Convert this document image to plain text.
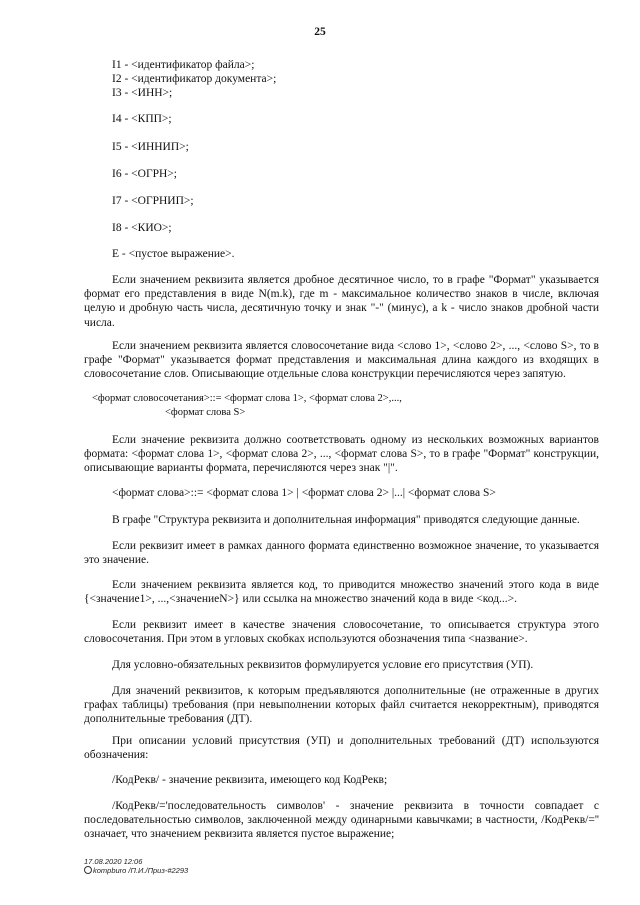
25
I1 - <идентификатор файла>;
I2 - <идентификатор документа>;
I3 - <ИНН>;
I4 - <КПП>;
I5 - <ИННИП>;
I6 - <ОГРН>;
I7 - <ОГРНИП>;
I8 - <КИО>;
E - <пустое выражение>.
Если значением реквизита является дробное десятичное число, то в графе "Формат" указывается формат его представления в виде N(m.k), где m - максимальное количество знаков в числе, включая целую и дробную часть числа, десятичную точку и знак "-" (минус), а k - число знаков дробной части числа.
Если значением реквизита является словосочетание вида <слово 1>, <слово 2>, ..., <слово S>, то в графе "Формат" указывается формат представления и максимальная длина каждого из входящих в словосочетание слов. Описывающие отдельные слова конструкции перечисляются через запятую.
<формат словосочетания>::= <формат слова 1>, <формат слова 2>,...,
<формат слова S>
Если значение реквизита должно соответствовать одному из нескольких возможных вариантов формата: <формат слова 1>, <формат слова 2>, ..., <формат слова S>, то в графе "Формат" конструкции, описывающие варианты формата, перечисляются через знак "|".
<формат слова>::= <формат слова 1> | <формат слова 2> |...| <формат слова S>
В графе "Структура реквизита и дополнительная информация" приводятся следующие данные.
Если реквизит имеет в рамках данного формата единственно возможное значение, то указывается это значение.
Если значением реквизита является код, то приводится множество значений этого кода в виде {<значение1>, ...,<значениеN>} или ссылка на множество значений кода в виде <код...>.
Если реквизит имеет в качестве значения словосочетание, то описывается структура этого словосочетания. При этом в угловых скобках используются обозначения типа <название>.
Для условно-обязательных реквизитов формулируется условие его присутствия (УП).
Для значений реквизитов, к которым предъявляются дополнительные (не отраженные в других графах таблицы) требования (при невыполнении которых файл считается некорректным), приводятся дополнительные требования (ДТ).
При описании условий присутствия (УП) и дополнительных требований (ДТ) используются обозначения:
/КодРекв/ - значение реквизита, имеющего код КодРекв;
/КодРекв/='последовательность символов' - значение реквизита в точности совпадает с последовательностью символов, заключенной между одинарными кавычками; в частности, /КодРекв/='' означает, что значением реквизита является пустое выражение;
17.08.2020 12:06
kompburo /П.И./Приз-#2293
